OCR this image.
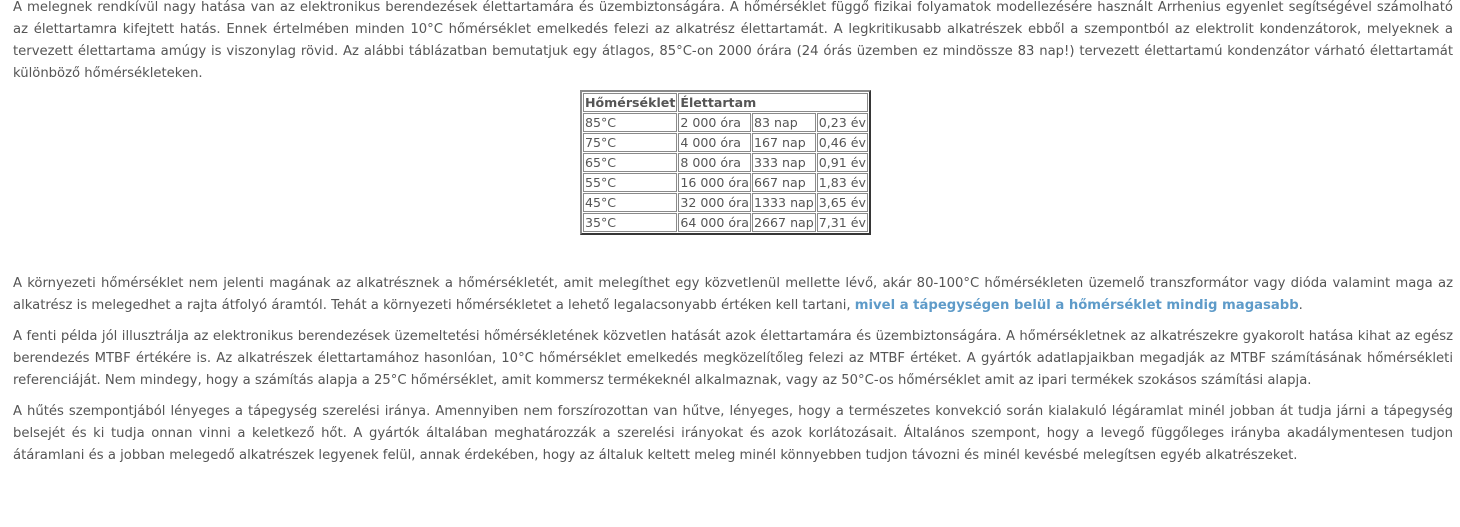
A melegnek rendkívül nagy hatása van az elektronikus berendezések élettartamára és üzembiztonságára. A hőmérséklet függő fizikai folyamatok modellezésére használt Arrhenius egyenlet segítségével számolható az élettartamra kifejtett hatás. Ennek értelmében minden 10°C hőmérséklet emelkedés felezi az alkatrész élettartamát. A legkritikusabb alkatrészek ebből a szempontból az elektrolit kondenzátorok, melyeknek a tervezett élettartama amúgy is viszonylag rövid. Az alábbi táblázatban bemutatjuk egy átlagos, 85°C-on 2000 órára (24 órás üzemben ez mindössze 83 nap!) tervezett élettartamú kondenzátor várható élettartamát különböző hőmérsékleteken.

Hőmérséklet	Élettartam		
85°C	2 000 óra	83 nap	0,23 év
75°C	4 000 óra	167 nap	0,46 év
65°C	8 000 óra	333 nap	0,91 év
55°C	16 000 óra	667 nap	1,83 év
45°C	32 000 óra	1333 nap	3,65 év
35°C	64 000 óra	2667 nap	7,31 év

A környezeti hőmérséklet nem jelenti magának az alkatrésznek a hőmérsékletét, amit melegíthet egy közvetlenül mellette lévő, akár 80-100°C hőmérsékleten üzemelő transzformátor vagy dióda valamint maga az alkatrész is melegedhet a rajta átfolyó áramtól. Tehát a környezeti hőmérsékletet a lehető legalacsonyabb értéken kell tartani, mivel a tápegységen belül a hőmérséklet mindig magasabb.

A fenti példa jól illusztrálja az elektronikus berendezések üzemeltetési hőmérsékletének közvetlen hatását azok élettartamára és üzembiztonságára. A hőmérsékletnek az alkatrészekre gyakorolt hatása kihat az egész berendezés MTBF értékére is. Az alkatrészek élettartamához hasonlóan, 10°C hőmérséklet emelkedés megközelítőleg felezi az MTBF értéket. A gyártók adatlapjaikban megadják az MTBF számításának hőmérsékleti referenciáját. Nem mindegy, hogy a számítás alapja a 25°C hőmérséklet, amit kommersz termékeknél alkalmaznak, vagy az 50°C-os hőmérséklet amit az ipari termékek szokásos számítási alapja.

A hűtés szempontjából lényeges a tápegység szerelési iránya. Amennyiben nem forszírozottan van hűtve, lényeges, hogy a természetes konvekció során kialakuló légáramlat minél jobban át tudja járni a tápegység belsejét és ki tudja onnan vinni a keletkező hőt. A gyártók általában meghatározzák a szerelési irányokat és azok korlátozásait. Általános szempont, hogy a levegő függőleges irányba akadálymentesen tudjon átáramlani és a jobban melegedő alkatrészek legyenek felül, annak érdekében, hogy az általuk keltett meleg minél könnyebben tudjon távozni és minél kevésbé melegítsen egyéb alkatrészeket.
